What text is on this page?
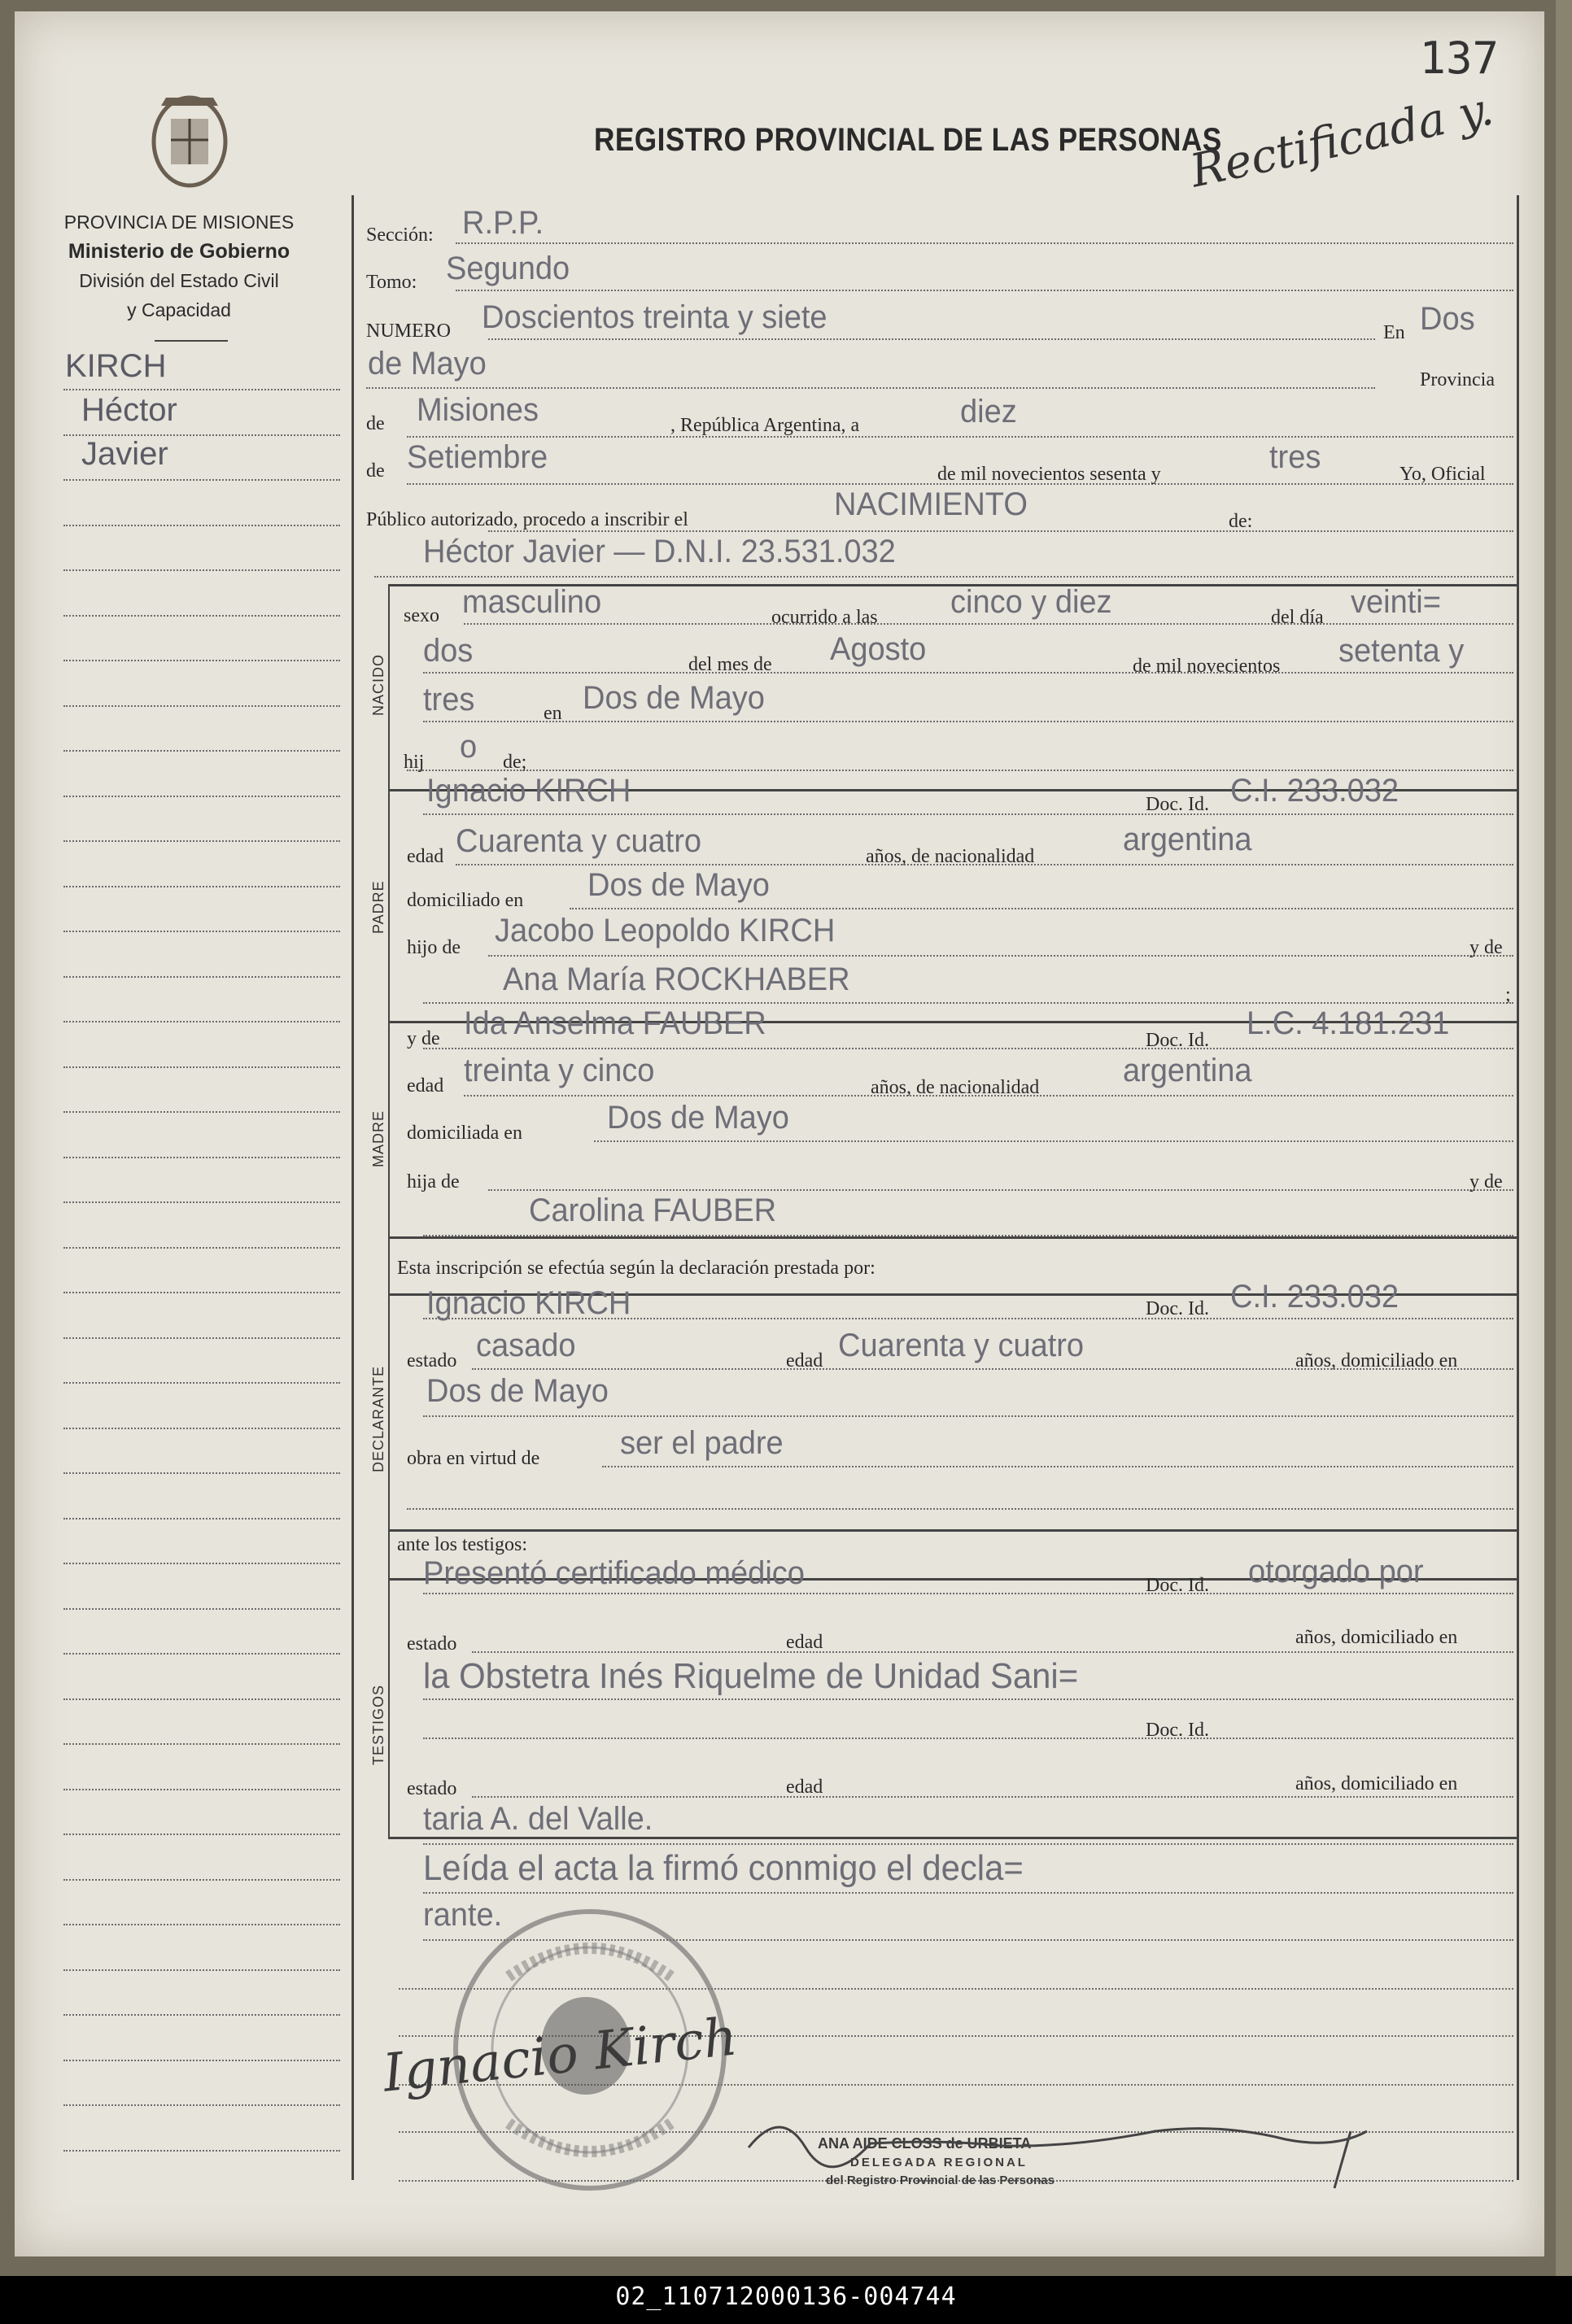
137
REGISTRO PROVINCIAL DE LAS PERSONAS
Rectificada y.
PROVINCIA DE MISIONES
Ministerio de Gobierno
División del Estado Civil
y Capacidad
KIRCH
Héctor
Javier
NACIDO
PADRE
MADRE
DECLARANTE
TESTIGOS
Sección: R.P.P.
Tomo: Segundo
NUMERO Doscientos treinta y siete	En Dos
de Mayo	Provincia
de Misiones	, República Argentina, a	diez
de Setiembre	de mil novecientos sesenta y	tres	Yo, Oficial
Público autorizado, procedo a inscribir el	NACIMIENTO	de:
Héctor Javier — D.N.I. 23.531.032
sexo masculino	ocurrido a las cinco y diez	del día veinti=
dos	del mes de Agosto	de mil novecientos setenta y
tres	en Dos de Mayo
hij o de;
Ignacio KIRCH	Doc. Id. C.I. 233.032
edad Cuarenta y cuatro	años, de nacionalidad	argentina
domiciliado en Dos de Mayo
hijo de Jacobo Leopoldo KIRCH	y de
Ana María ROCKHABER	;
y de Ida Anselma FAUBER	Doc. Id. L.C. 4.181.231
edad treinta y cinco	años, de nacionalidad	argentina
domiciliada en	Dos de Mayo
hija de	y de
Carolina FAUBER
Esta inscripción se efectúa según la declaración prestada por:
Ignacio KIRCH	Doc. Id. C.I. 233.032
estado casado	edad Cuarenta y cuatro	años, domiciliado en
Dos de Mayo
obra en virtud de ser el padre
ante los testigos:
Presentó certificado médico	Doc. Id. otorgado por
estado	edad	años, domiciliado en
la Obstetra Inés Riquelme de Unidad Sani=
Doc. Id.
estado	edad	años, domiciliado en
taria A. del Valle.
Leída el acta la firmó conmigo el decla=
rante.
Ignacio Kirch
ANA AIDE CLOSS de URBIETA
DELEGADA REGIONAL
del Registro Provincial de las Personas
02_110712000136-004744
